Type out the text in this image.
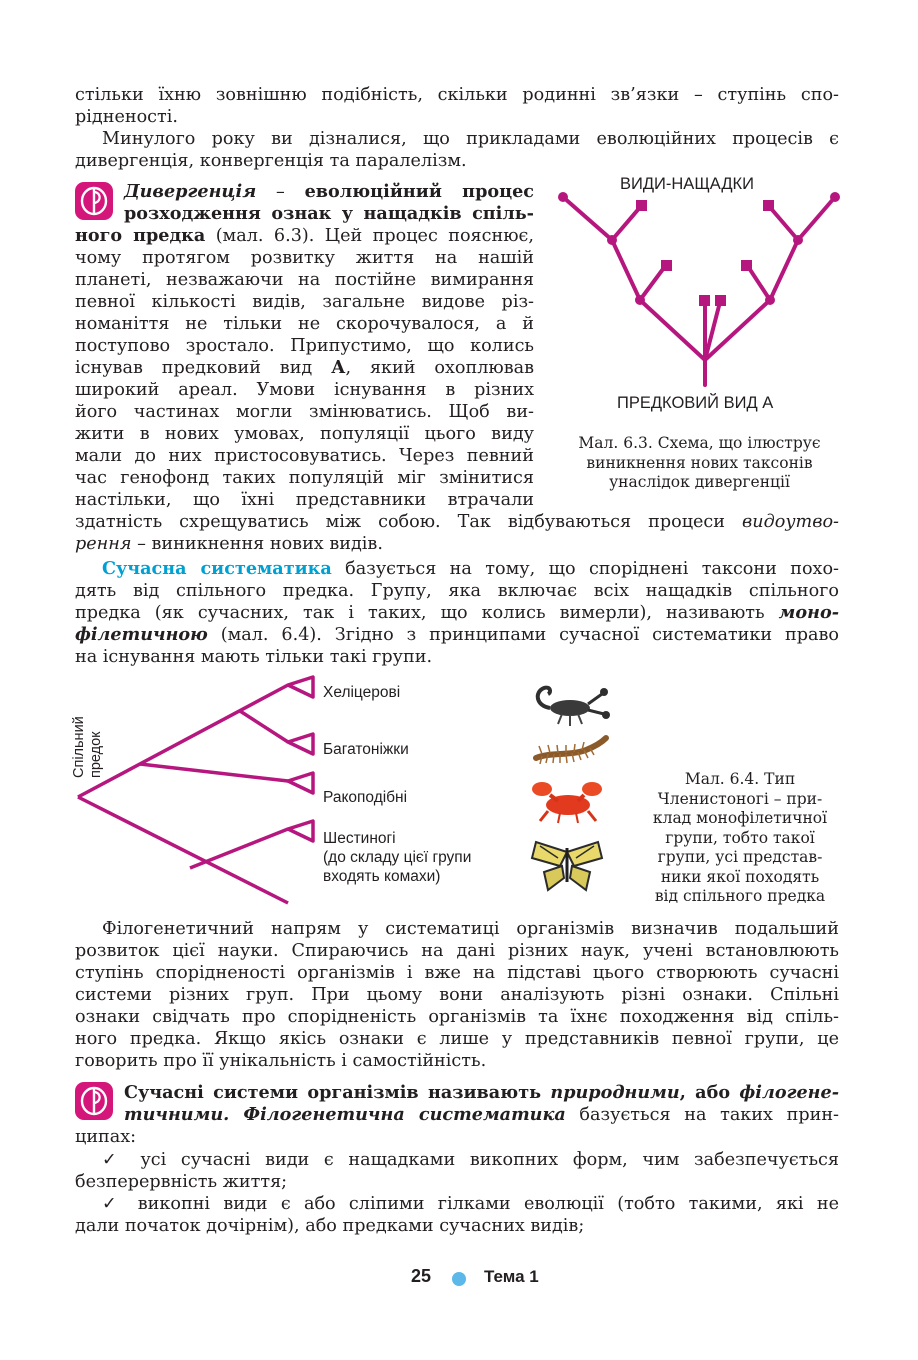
стільки їхню зовнішню подібність, скільки родинні зв’язки – ступінь спо-
рідненості.
Минулого року ви дізналися, що прикладами еволюційних процесів є
дивергенція, конвергенція та паралелізм.
Дивергенція – еволюційний процес
розходження ознак у нащадків спіль-
ного предка (мал. 6.3). Цей процес пояснює,
чому протягом розвитку життя на нашій
планеті, незважаючи на постійне вимирання
певної кількості видів, загальне видове різ-
номаніття не тільки не скорочувалося, а й
поступово зростало. Припустимо, що колись
існував предковий вид А, який охоплював
широкий ареал. Умови існування в різних
його частинах могли змінюватись. Щоб ви-
жити в нових умовах, популяції цього виду
мали до них пристосовуватись. Через певний
час генофонд таких популяцій міг змінитися
настільки, що їхні представники втрачали
здатність схрещуватись між собою. Так відбуваються процеси видоутво-
рення – виникнення нових видів.
ВИДИ-НАЩАДКИ
ПРЕДКОВИЙ ВИД А
Мал. 6.3. Схема, що ілюструє
виникнення нових таксонів
унаслідок дивергенції
Сучасна систематика базується на тому, що споріднені таксони похо-
дять від спільного предка. Групу, яка включає всіх нащадків спільного
предка (як сучасних, так і таких, що колись вимерли), називають моно-
філетичною (мал. 6.4). Згідно з принципами сучасної систематики право
на існування мають тільки такі групи.
Спільний предок
Хеліцерові
Багатоніжки
Ракоподібні
Шестиногі
(до складу цієї групи
входять комахи)
Мал. 6.4. Тип
Членистоногі – при-
клад монофілетичної
групи, тобто такої
групи, усі представ-
ники якої походять
від спільного предка
Філогенетичний напрям у систематиці організмів визначив подальший
розвиток цієї науки. Спираючись на дані різних наук, учені встановлюють
ступінь спорідненості організмів і вже на підставі цього створюють сучасні
системи різних груп. При цьому вони аналізують різні ознаки. Спільні
ознаки свідчать про спорідненість організмів та їхнє походження від спіль-
ного предка. Якщо якісь ознаки є лише у представників певної групи, це
говорить про її унікальність і самостійність.
Сучасні системи організмів називають природними, або філогене-
тичними. Філогенетична систематика базується на таких прин-
ципах:
✓ усі сучасні види є нащадками викопних форм, чим забезпечується
безперервність життя;
✓ викопні види є або сліпими гілками еволюції (тобто такими, які не
дали початок дочірнім), або предками сучасних видів;
25	Тема 1
